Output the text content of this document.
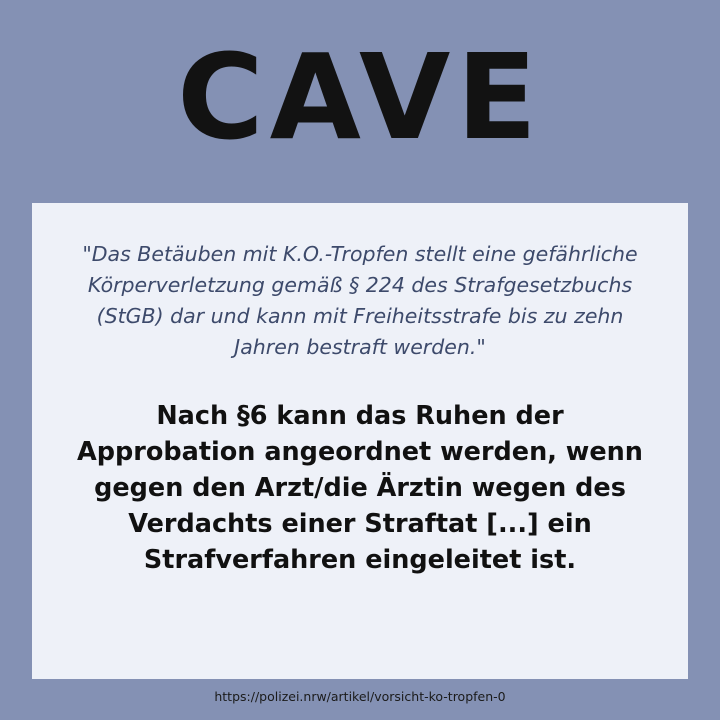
CAVE
"Das Betäuben mit K.O.-Tropfen stellt eine gefährliche Körperverletzung gemäß § 224 des Strafgesetzbuchs (StGB) dar und kann mit Freiheitsstrafe bis zu zehn Jahren bestraft werden."
Nach §6 kann das Ruhen der Approbation angeordnet werden, wenn gegen den Arzt/die Ärztin wegen des Verdachts einer Straftat [...] ein Strafverfahren eingeleitet ist.
https://polizei.nrw/artikel/vorsicht-ko-tropfen-0
